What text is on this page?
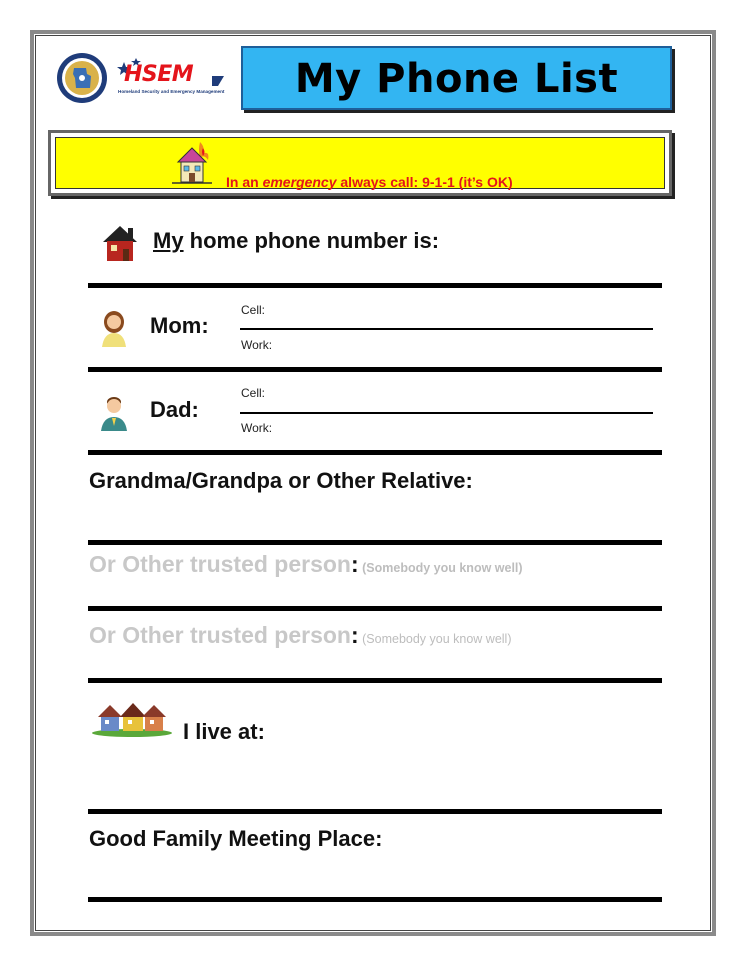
HSEM
Homeland Security and Emergency Management	My Phone List
In an emergency always call: 9-1-1 (it’s OK)
My home phone number is:
Mom:
Cell:
Work:
Dad:
Cell:
Work:
Grandma/Grandpa or Other Relative:
Or Other trusted person: (Somebody you know well)
Or Other trusted person: (Somebody you know well)
I live at:
Good Family Meeting Place:
